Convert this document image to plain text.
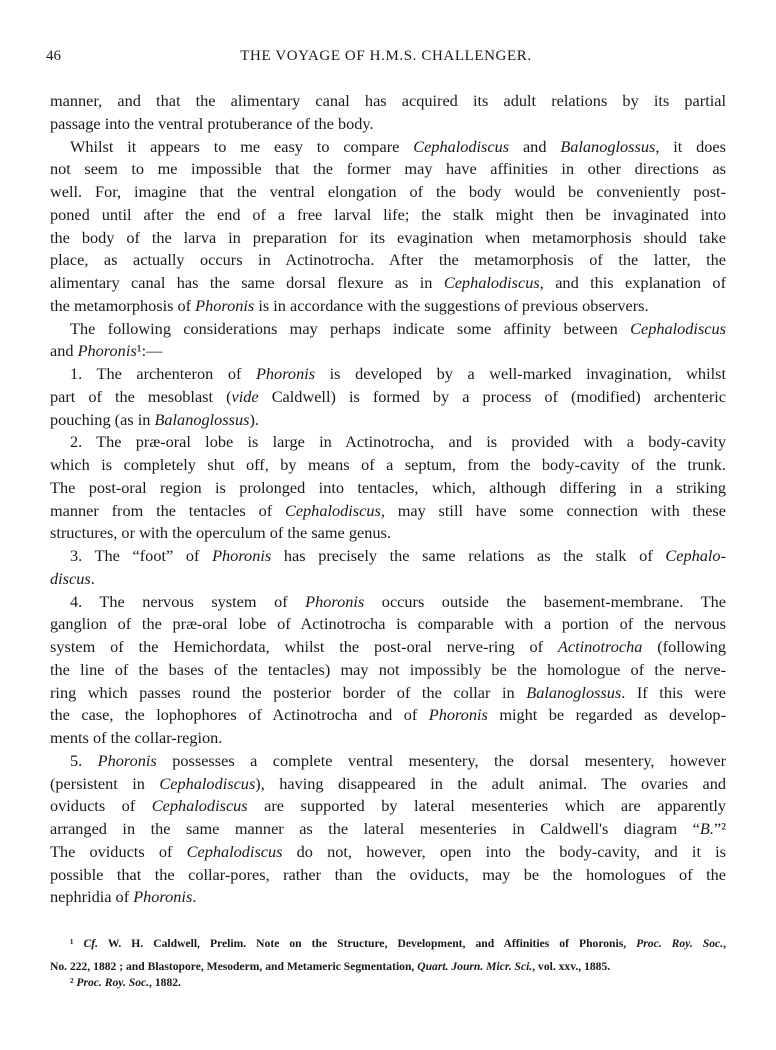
46	THE VOYAGE OF H.M.S. CHALLENGER.
manner, and that the alimentary canal has acquired its adult relations by its partial
passage into the ventral protuberance of the body.
Whilst it appears to me easy to compare Cephalodiscus and Balanoglossus, it does
not seem to me impossible that the former may have affinities in other directions as
well. For, imagine that the ventral elongation of the body would be conveniently post-
poned until after the end of a free larval life; the stalk might then be invaginated into
the body of the larva in preparation for its evagination when metamorphosis should take
place, as actually occurs in Actinotrocha. After the metamorphosis of the latter, the
alimentary canal has the same dorsal flexure as in Cephalodiscus, and this explanation of
the metamorphosis of Phoronis is in accordance with the suggestions of previous observers.
The following considerations may perhaps indicate some affinity between Cephalodiscus
and Phoronis¹:—
1. The archenteron of Phoronis is developed by a well-marked invagination, whilst
part of the mesoblast (vide Caldwell) is formed by a process of (modified) archenteric
pouching (as in Balanoglossus).
2. The præ-oral lobe is large in Actinotrocha, and is provided with a body-cavity
which is completely shut off, by means of a septum, from the body-cavity of the trunk.
The post-oral region is prolonged into tentacles, which, although differing in a striking
manner from the tentacles of Cephalodiscus, may still have some connection with these
structures, or with the operculum of the same genus.
3. The “foot” of Phoronis has precisely the same relations as the stalk of Cephalo-
discus.
4. The nervous system of Phoronis occurs outside the basement-membrane. The
ganglion of the præ-oral lobe of Actinotrocha is comparable with a portion of the nervous
system of the Hemichordata, whilst the post-oral nerve-ring of Actinotrocha (following
the line of the bases of the tentacles) may not impossibly be the homologue of the nerve-
ring which passes round the posterior border of the collar in Balanoglossus. If this were
the case, the lophophores of Actinotrocha and of Phoronis might be regarded as develop-
ments of the collar-region.
5. Phoronis possesses a complete ventral mesentery, the dorsal mesentery, however
(persistent in Cephalodiscus), having disappeared in the adult animal. The ovaries and
oviducts of Cephalodiscus are supported by lateral mesenteries which are apparently
arranged in the same manner as the lateral mesenteries in Caldwell's diagram “B.”²
The oviducts of Cephalodiscus do not, however, open into the body-cavity, and it is
possible that the collar-pores, rather than the oviducts, may be the homologues of the
nephridia of Phoronis.
¹ Cf. W. H. Caldwell, Prelim. Note on the Structure, Development, and Affinities of Phoronis, Proc. Roy. Soc.,
No. 222, 1882 ; and Blastopore, Mesoderm, and Metameric Segmentation, Quart. Journ. Micr. Sci., vol. xxv., 1885.
² Proc. Roy. Soc., 1882.
